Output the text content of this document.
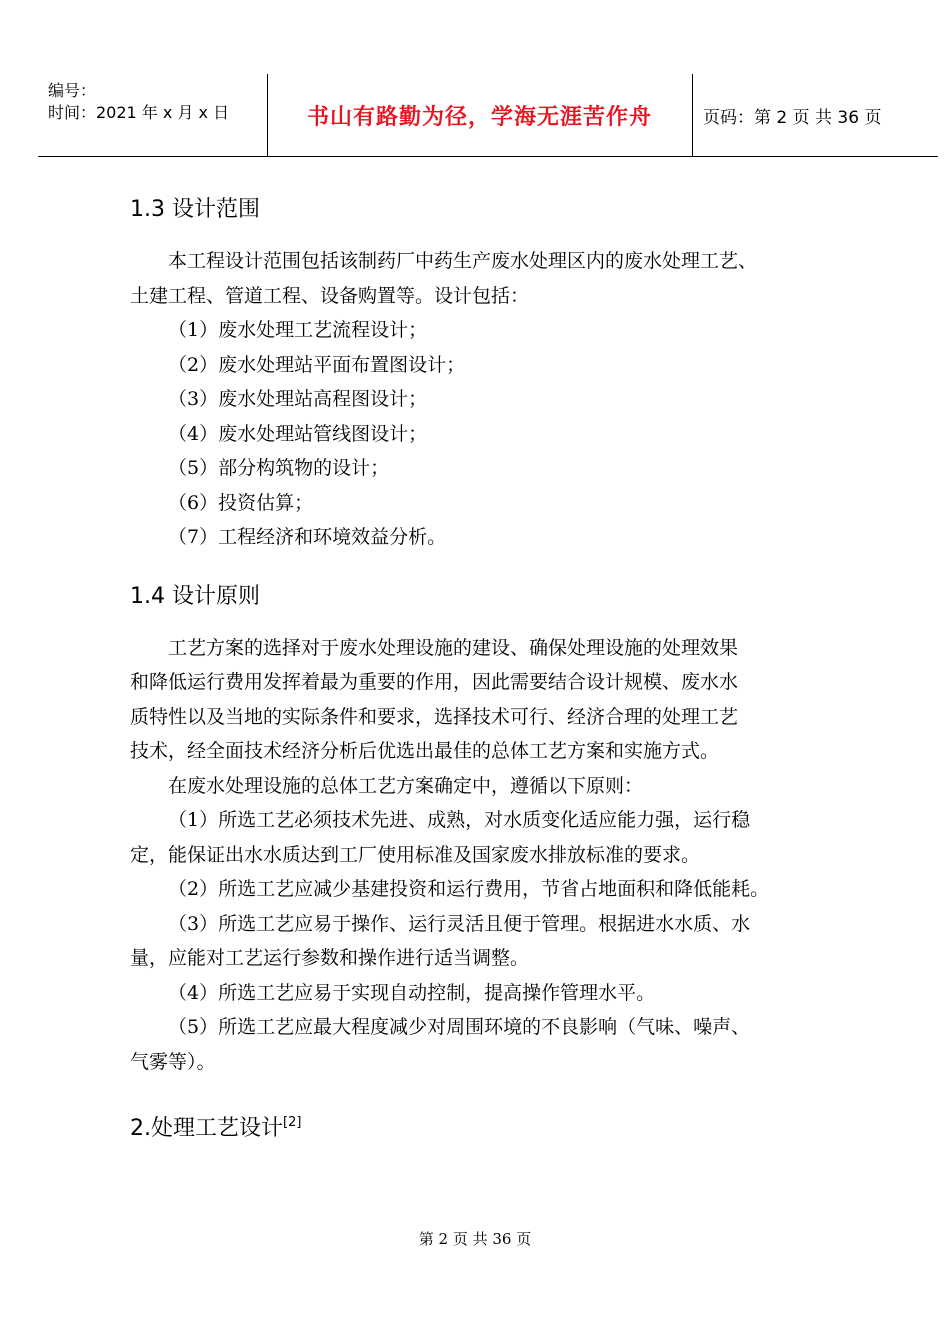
编号：
时间：2021 年 x 月 x 日	书山有路勤为径，学海无涯苦作舟	页码：第 2 页 共 36 页
1.3 设计范围

本工程设计范围包括该制药厂中药生产废水处理区内的废水处理工艺、

土建工程、管道工程、设备购置等。设计包括：

（1）废水处理工艺流程设计；

（2）废水处理站平面布置图设计；

（3）废水处理站高程图设计；

（4）废水处理站管线图设计；

（5）部分构筑物的设计；

（6）投资估算；

（7）工程经济和环境效益分析。

1.4 设计原则

工艺方案的选择对于废水处理设施的建设、确保处理设施的处理效果

和降低运行费用发挥着最为重要的作用，因此需要结合设计规模、废水水

质特性以及当地的实际条件和要求，选择技术可行、经济合理的处理工艺

技术，经全面技术经济分析后优选出最佳的总体工艺方案和实施方式。

在废水处理设施的总体工艺方案确定中，遵循以下原则：

（1）所选工艺必须技术先进、成熟，对水质变化适应能力强，运行稳

定，能保证出水水质达到工厂使用标准及国家废水排放标准的要求。

（2）所选工艺应减少基建投资和运行费用，节省占地面积和降低能耗。

（3）所选工艺应易于操作、运行灵活且便于管理。根据进水水质、水

量，应能对工艺运行参数和操作进行适当调整。

（4）所选工艺应易于实现自动控制，提高操作管理水平。

（5）所选工艺应最大程度减少对周围环境的不良影响（气味、噪声、

气雾等）。

2.处理工艺设计[2]
第 2 页 共 36 页
